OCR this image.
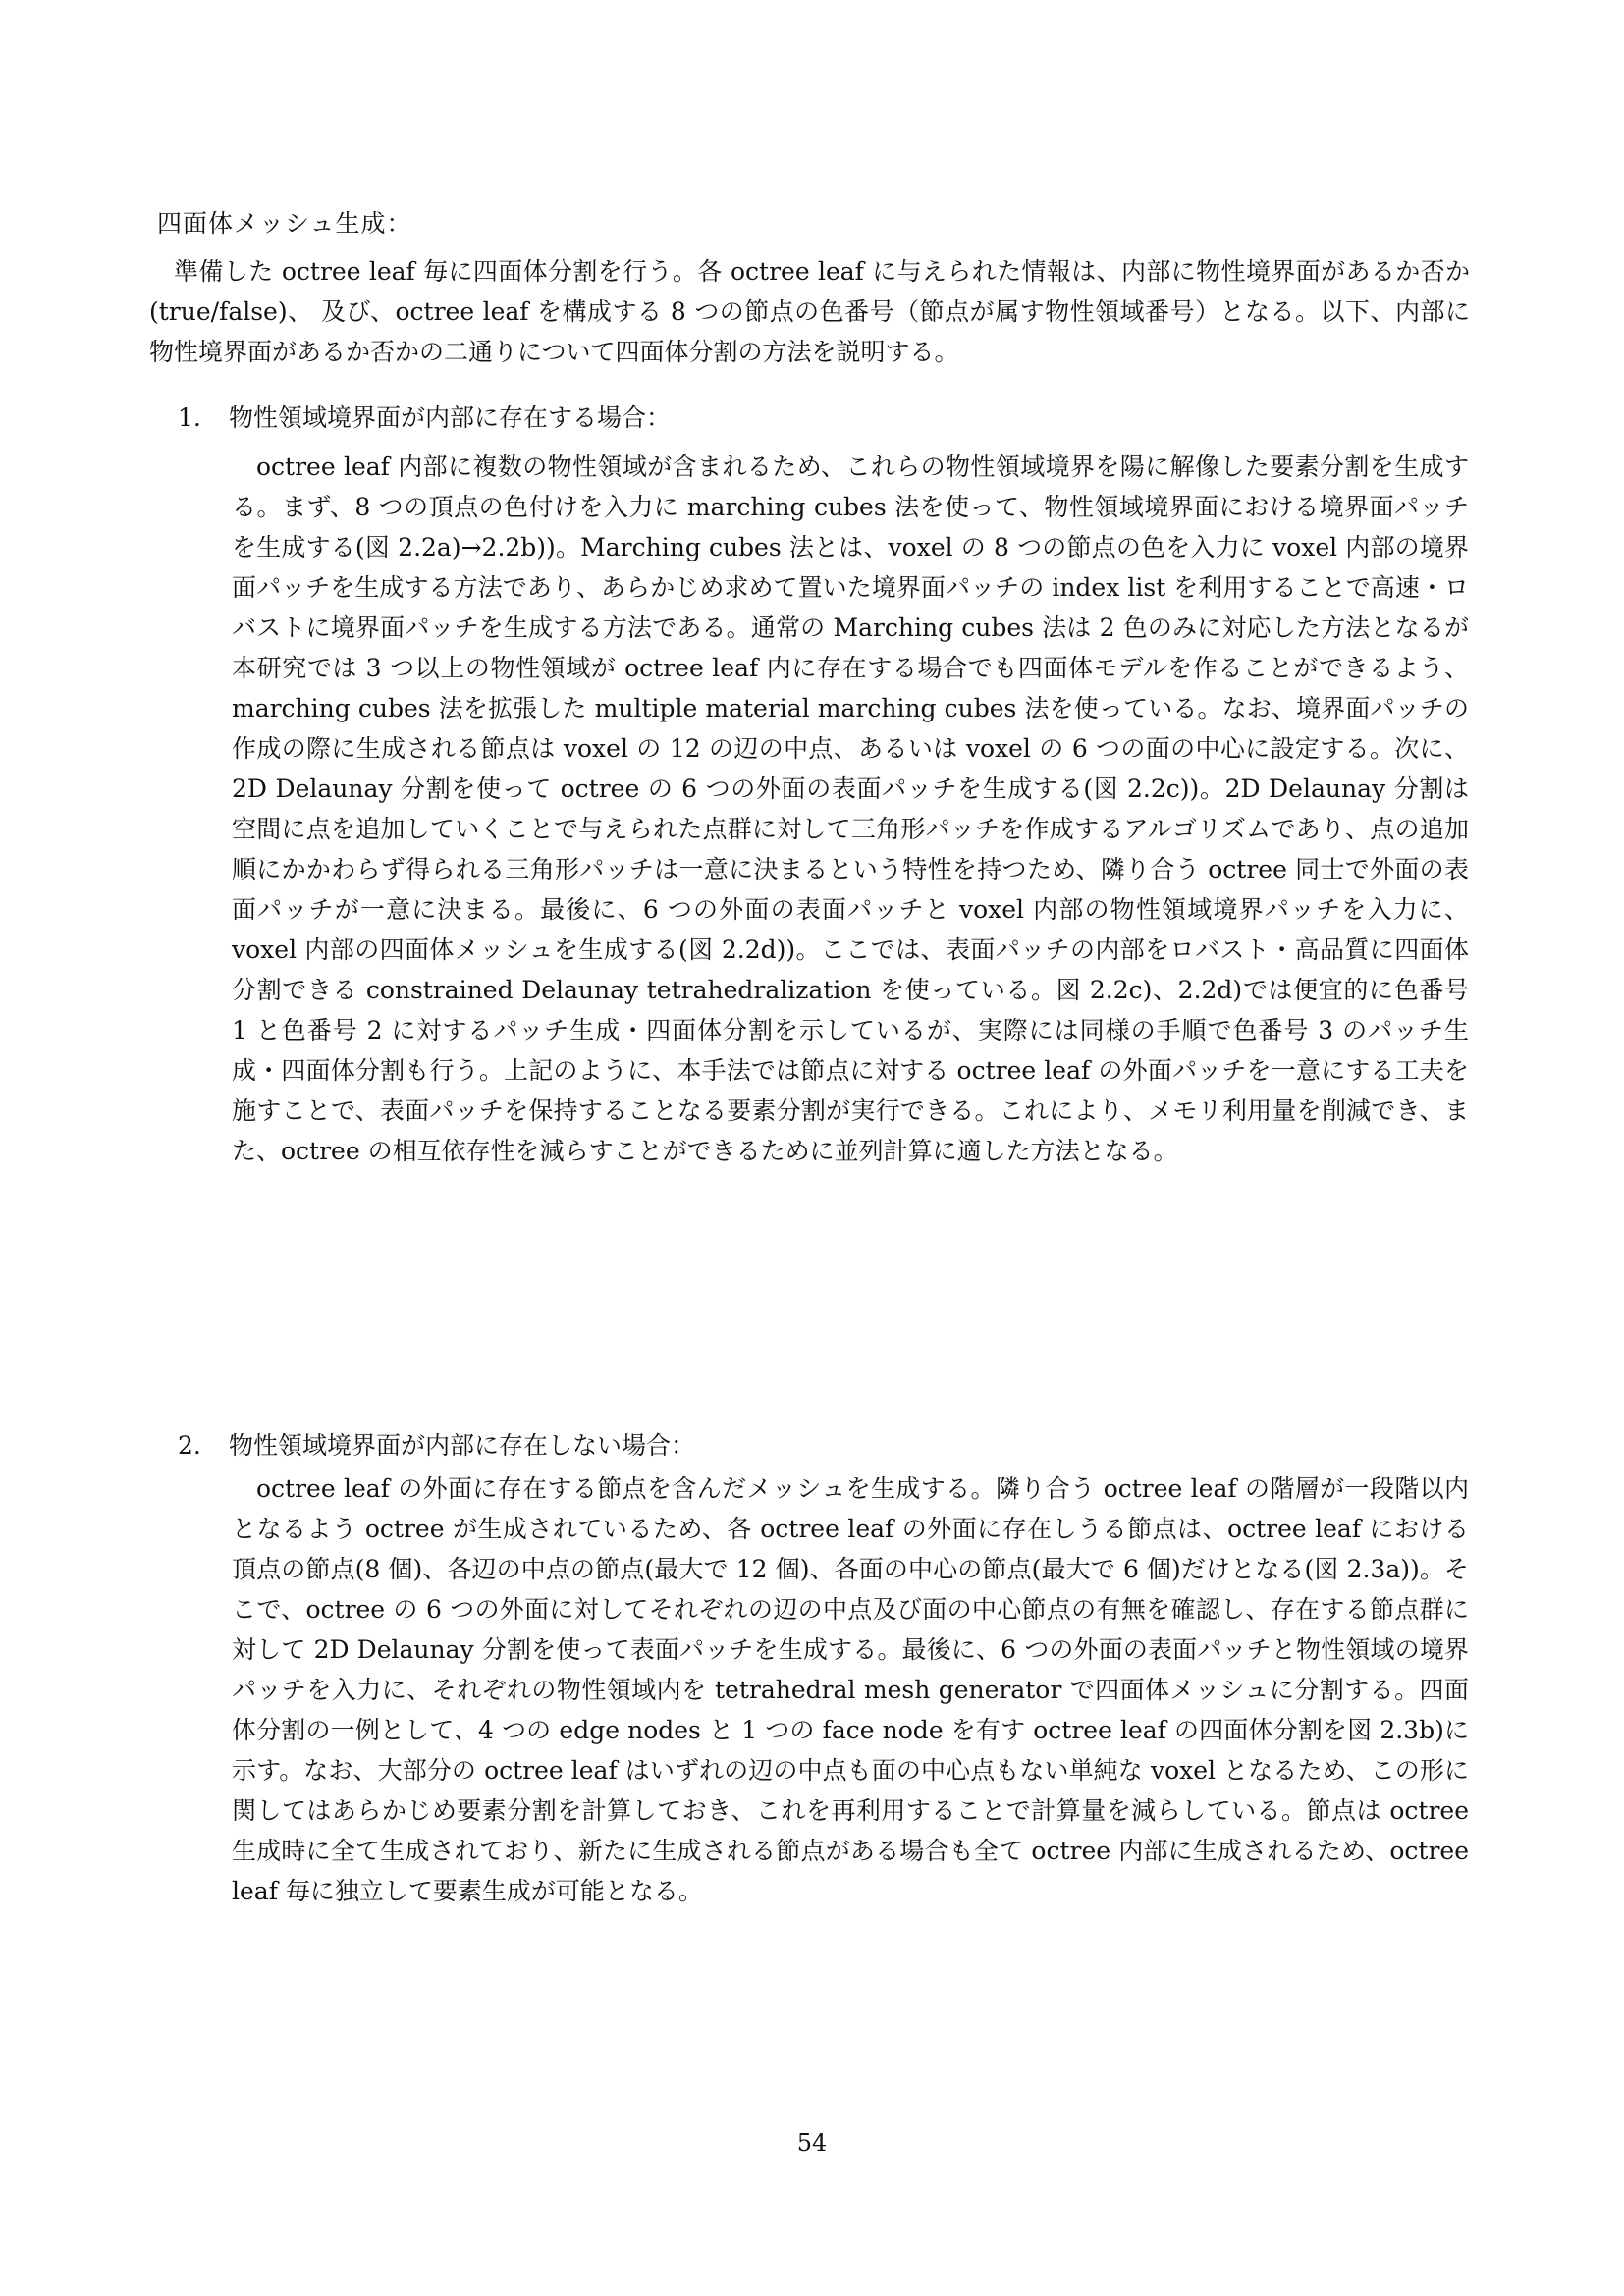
四面体メッシュ生成：

準備した octree leaf 毎に四面体分割を行う。各 octree leaf に与えられた情報は、内部に物性境界面があるか否か(true/false)、 及び、octree leaf を構成する 8 つの節点の色番号（節点が属す物性領域番号）となる。以下、内部に物性境界面があるか否かの二通りについて四面体分割の方法を説明する。

1. 物性領域境界面が内部に存在する場合：

octree leaf 内部に複数の物性領域が含まれるため、これらの物性領域境界を陽に解像した要素分割を生成する。まず、8 つの頂点の色付けを入力に marching cubes 法を使って、物性領域境界面における境界面パッチを生成する(図 2.2a)→2.2b))。Marching cubes 法とは、voxel の 8 つの節点の色を入力に voxel 内部の境界面パッチを生成する方法であり、あらかじめ求めて置いた境界面パッチの index list を利用することで高速・ロバストに境界面パッチを生成する方法である。通常の Marching cubes 法は 2 色のみに対応した方法となるが本研究では 3 つ以上の物性領域が octree leaf 内に存在する場合でも四面体モデルを作ることができるよう、marching cubes 法を拡張した multiple material marching cubes 法を使っている。なお、境界面パッチの作成の際に生成される節点は voxel の 12 の辺の中点、あるいは voxel の 6 つの面の中心に設定する。次に、2D Delaunay 分割を使って octree の 6 つの外面の表面パッチを生成する(図 2.2c))。2D Delaunay 分割は空間に点を追加していくことで与えられた点群に対して三角形パッチを作成するアルゴリズムであり、点の追加順にかかわらず得られる三角形パッチは一意に決まるという特性を持つため、隣り合う octree 同士で外面の表面パッチが一意に決まる。最後に、6 つの外面の表面パッチと voxel 内部の物性領域境界パッチを入力に、voxel 内部の四面体メッシュを生成する(図 2.2d))。ここでは、表面パッチの内部をロバスト・高品質に四面体分割できる constrained Delaunay tetrahedralization を使っている。図 2.2c)、2.2d)では便宜的に色番号 1 と色番号 2 に対するパッチ生成・四面体分割を示しているが、実際には同様の手順で色番号 3 のパッチ生成・四面体分割も行う。上記のように、本手法では節点に対する octree leaf の外面パッチを一意にする工夫を施すことで、表面パッチを保持することなる要素分割が実行できる。これにより、メモリ利用量を削減でき、また、octree の相互依存性を減らすことができるために並列計算に適した方法となる。

2. 物性領域境界面が内部に存在しない場合：

octree leaf の外面に存在する節点を含んだメッシュを生成する。隣り合う octree leaf の階層が一段階以内となるよう octree が生成されているため、各 octree leaf の外面に存在しうる節点は、octree leaf における頂点の節点(8 個)、各辺の中点の節点(最大で 12 個)、各面の中心の節点(最大で 6 個)だけとなる(図 2.3a))。そこで、octree の 6 つの外面に対してそれぞれの辺の中点及び面の中心節点の有無を確認し、存在する節点群に対して 2D Delaunay 分割を使って表面パッチを生成する。最後に、6 つの外面の表面パッチと物性領域の境界パッチを入力に、それぞれの物性領域内を tetrahedral mesh generator で四面体メッシュに分割する。四面体分割の一例として、4 つの edge nodes と 1 つの face node を有す octree leaf の四面体分割を図 2.3b)に示す。なお、大部分の octree leaf はいずれの辺の中点も面の中心点もない単純な voxel となるため、この形に関してはあらかじめ要素分割を計算しておき、これを再利用することで計算量を減らしている。節点は octree 生成時に全て生成されており、新たに生成される節点がある場合も全て octree 内部に生成されるため、octree leaf 毎に独立して要素生成が可能となる。

54
